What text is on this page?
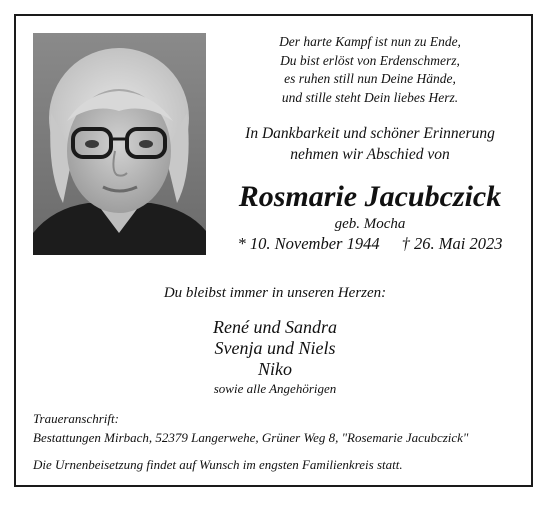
Der harte Kampf ist nun zu Ende,
Du bist erlöst von Erdenschmerz,
es ruhen still nun Deine Hände,
und stille steht Dein liebes Herz.
In Dankbarkeit und schöner Erinnerung
nehmen wir Abschied von
Rosmarie Jacubczick
geb. Mocha
* 10. November 1944 † 26. Mai 2023
Du bleibst immer in unseren Herzen:
René und Sandra
Svenja und Niels
Niko
sowie alle Angehörigen
Traueranschrift:
Bestattungen Mirbach, 52379 Langerwehe, Grüner Weg 8, "Rosemarie Jacubczick"
Die Urnenbeisetzung findet auf Wunsch im engsten Familienkreis statt.
